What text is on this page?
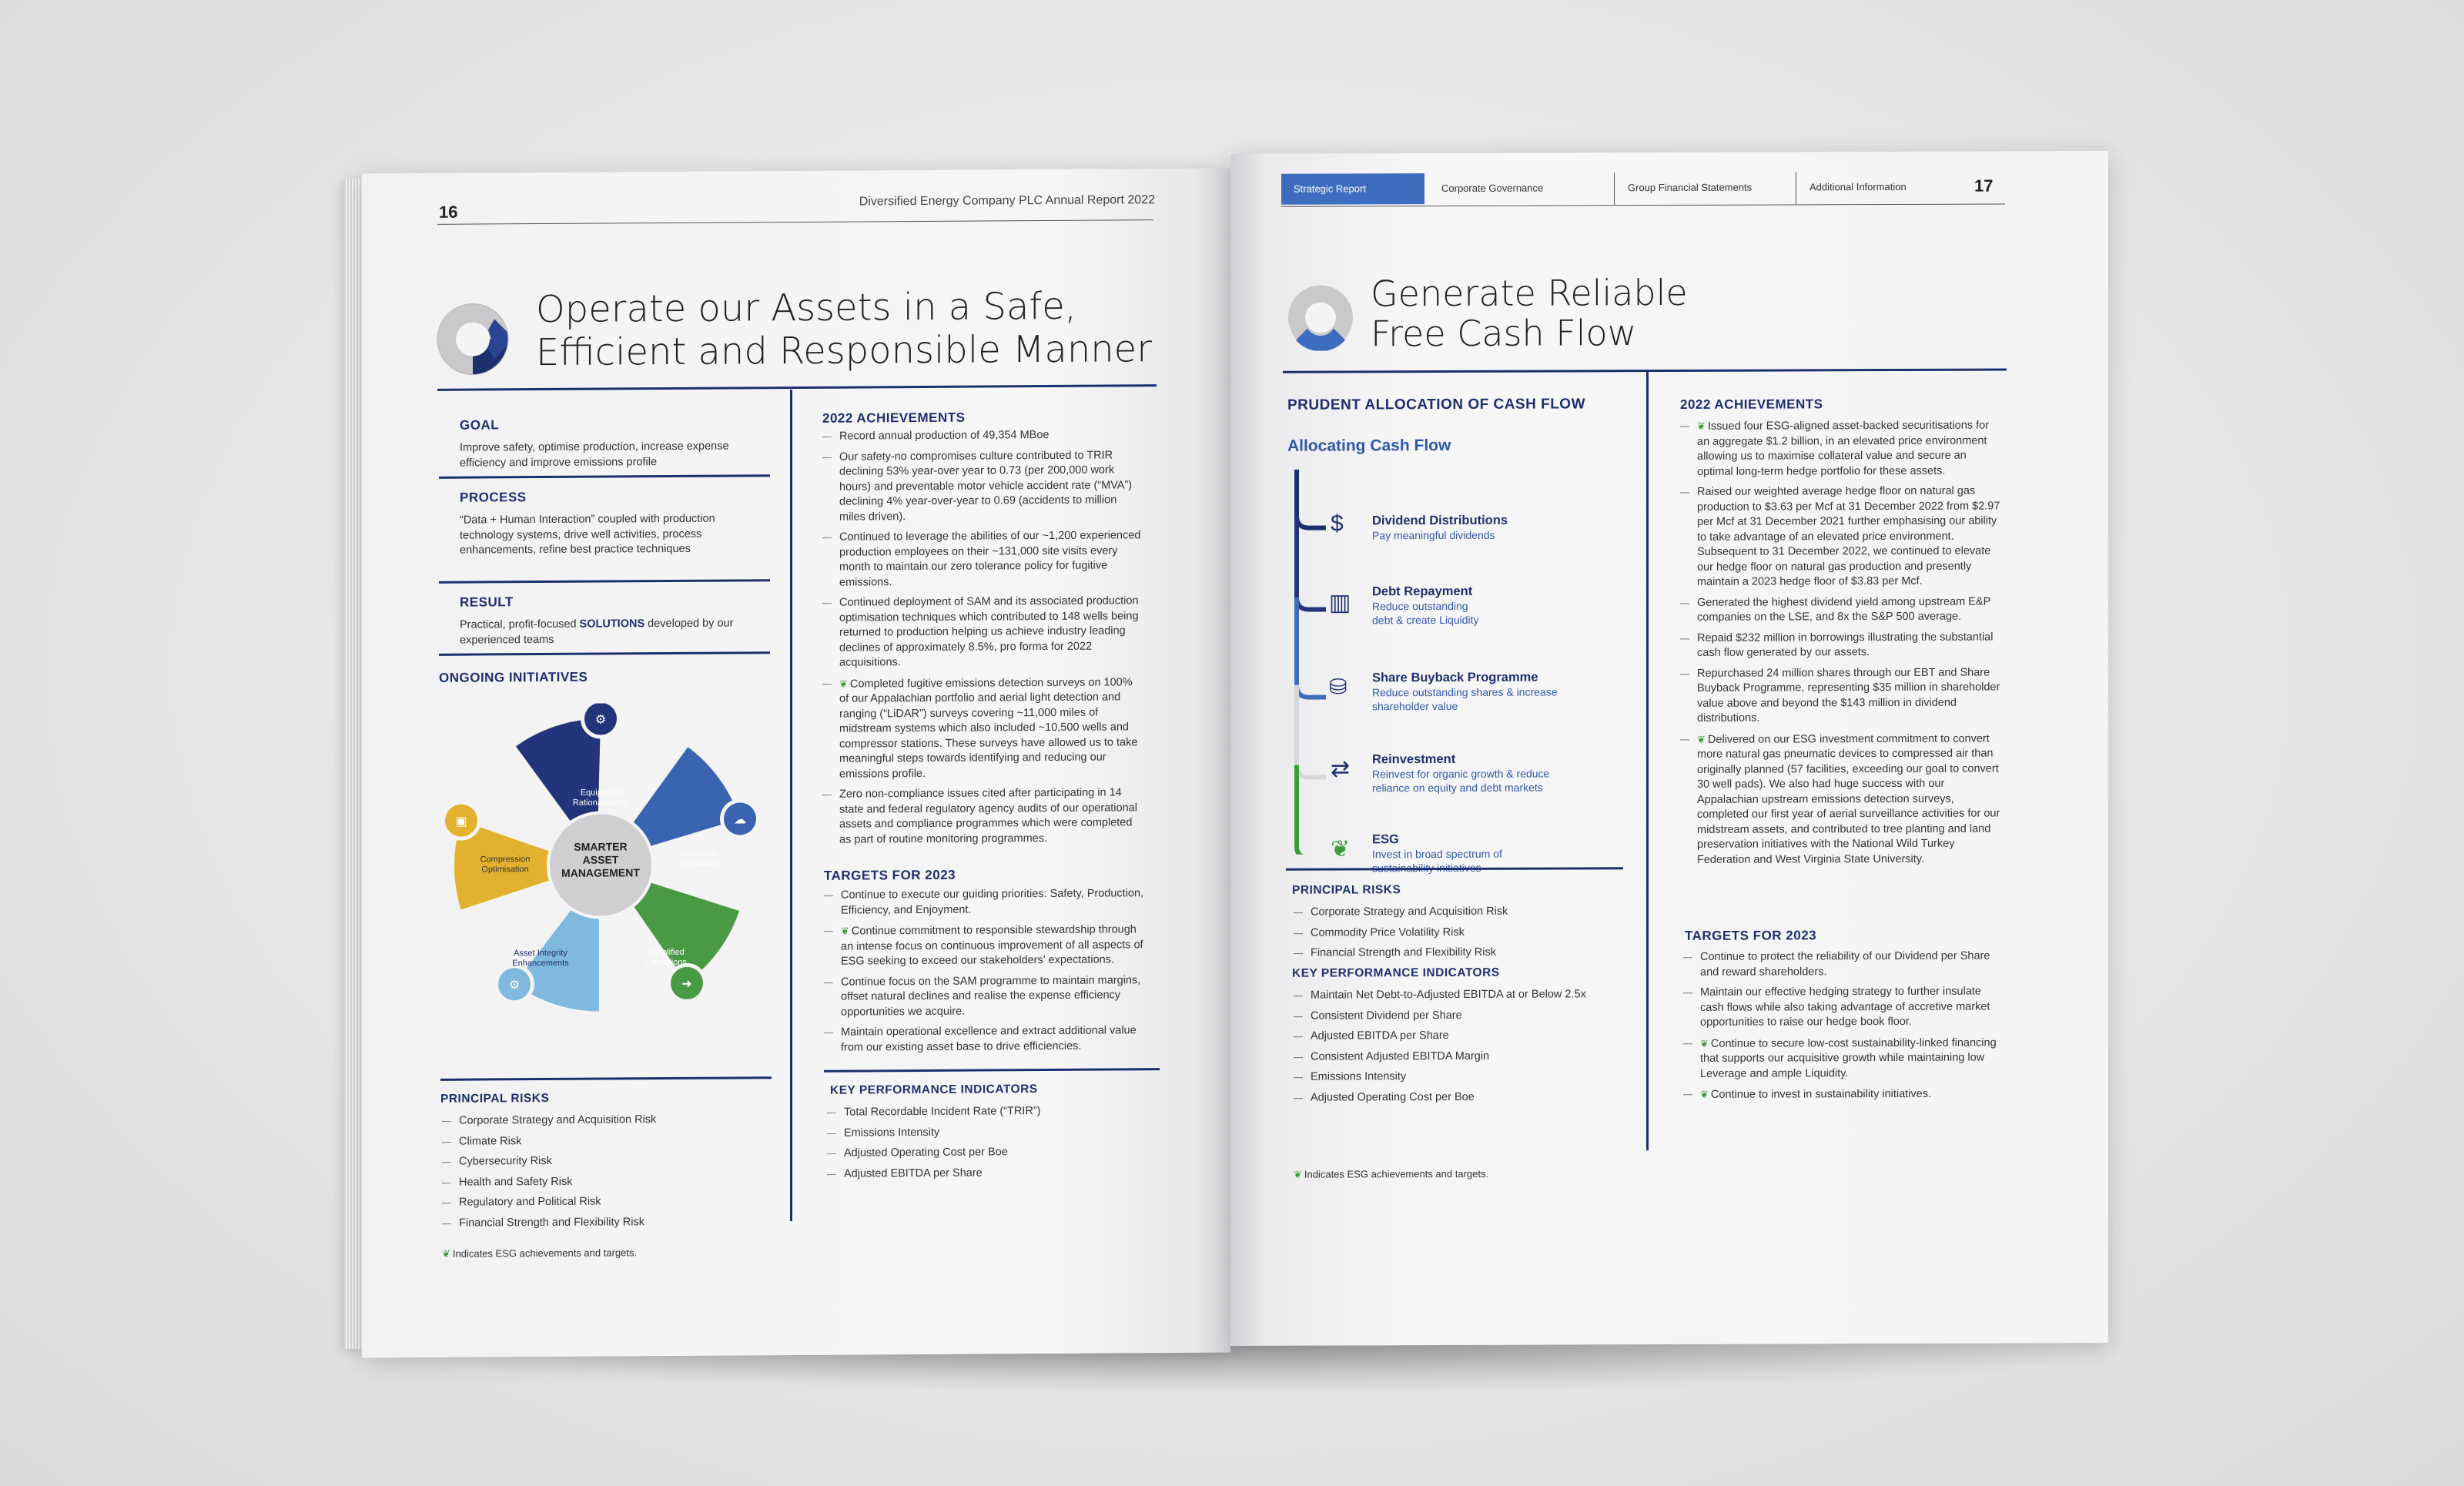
16
Diversified Energy Company PLC Annual Report 2022
Operate our Assets in a Safe,
Efficient and Responsible Manner
GOAL
Improve safety, optimise production, increase expense efficiency and improve emissions profile
PROCESS
“Data + Human Interaction” coupled with production technology systems, drive well activities, process enhancements, refine best practice techniques
RESULT
Practical, profit-focused SOLUTIONS developed by our experienced teams
ONGOING INITIATIVES
⚙
☁
➜
⚙
▣
Equipment Rationalisation
Emissions Reduction
Simplified Operations
Asset Integrity Enhancements
Compression Optimisation
SMARTER
ASSET
MANAGEMENT
PRINCIPAL RISKS
— Corporate Strategy and Acquisition Risk
— Climate Risk
— Cybersecurity Risk
— Health and Safety Risk
— Regulatory and Political Risk
— Financial Strength and Flexibility Risk
❦ Indicates ESG achievements and targets.
2022 ACHIEVEMENTS
— Record annual production of 49,354 MBoe
— Our safety-no compromises culture contributed to TRIR declining 53% year-over year to 0.73 (per 200,000 work hours) and preventable motor vehicle accident rate (“MVA”) declining 4% year-over-year to 0.69 (accidents to million miles driven).
— Continued to leverage the abilities of our ~1,200 experienced production employees on their ~131,000 site visits every month to maintain our zero tolerance policy for fugitive emissions.
— Continued deployment of SAM and its associated production optimisation techniques which contributed to 148 wells being returned to production helping us achieve industry leading declines of approximately 8.5%, pro forma for 2022 acquisitions.
— ❦ Completed fugitive emissions detection surveys on 100% of our Appalachian portfolio and aerial light detection and ranging (“LiDAR”) surveys covering ~11,000 miles of midstream systems which also included ~10,500 wells and compressor stations. These surveys have allowed us to take meaningful steps towards identifying and reducing our emissions profile.
— Zero non-compliance issues cited after participating in 14 state and federal regulatory agency audits of our operational assets and compliance programmes which were completed as part of routine monitoring programmes.
TARGETS FOR 2023
— Continue to execute our guiding priorities: Safety, Production, Efficiency, and Enjoyment.
— ❦ Continue commitment to responsible stewardship through an intense focus on continuous improvement of all aspects of ESG seeking to exceed our stakeholders' expectations.
— Continue focus on the SAM programme to maintain margins, offset natural declines and realise the expense efficiency opportunities we acquire.
— Maintain operational excellence and extract additional value from our existing asset base to drive efficiencies.
KEY PERFORMANCE INDICATORS
— Total Recordable Incident Rate (“TRIR”)
— Emissions Intensity
— Adjusted Operating Cost per Boe
— Adjusted EBITDA per Share
Strategic Report	Corporate Governance	Group Financial Statements	Additional Information	17
Generate Reliable
Free Cash Flow
PRUDENT ALLOCATION OF CASH FLOW
Allocating Cash Flow
$ Dividend Distributions
Pay meaningful dividends
▥ Debt Repayment
Reduce outstanding
debt & create Liquidity
⛁ Share Buyback Programme
Reduce outstanding shares & increase
shareholder value
⇄ Reinvestment
Reinvest for organic growth & reduce
reliance on equity and debt markets
❦ ESG
Invest in broad spectrum of
PRINCIPAL RISKS
— Corporate Strategy and Acquisition Risk
— Commodity Price Volatility Risk
— Financial Strength and Flexibility Risk
KEY PERFORMANCE INDICATORS
— Maintain Net Debt-to-Adjusted EBITDA at or Below 2.5x
— Consistent Dividend per Share
— Adjusted EBITDA per Share
— Consistent Adjusted EBITDA Margin
— Emissions Intensity
— Adjusted Operating Cost per Boe
❦ Indicates ESG achievements and targets.
2022 ACHIEVEMENTS
— ❦ Issued four ESG-aligned asset-backed securitisations for an aggregate $1.2 billion, in an elevated price environment allowing us to maximise collateral value and secure an optimal long-term hedge portfolio for these assets.
— Raised our weighted average hedge floor on natural gas production to $3.63 per Mcf at 31 December 2022 from $2.97 per Mcf at 31 December 2021 further emphasising our ability to take advantage of an elevated price environment. Subsequent to 31 December 2022, we continued to elevate our hedge floor on natural gas production and presently maintain a 2023 hedge floor of $3.83 per Mcf.
— Generated the highest dividend yield among upstream E&P companies on the LSE, and 8x the S&P 500 average.
— Repaid $232 million in borrowings illustrating the substantial cash flow generated by our assets.
— Repurchased 24 million shares through our EBT and Share Buyback Programme, representing $35 million in shareholder value above and beyond the $143 million in dividend distributions.
— ❦ Delivered on our ESG investment commitment to convert more natural gas pneumatic devices to compressed air than originally planned (57 facilities, exceeding our goal to convert 30 well pads). We also had huge success with our Appalachian upstream emissions detection surveys, completed our first year of aerial surveillance activities for our midstream assets, and contributed to tree planting and land preservation initiatives with the National Wild Turkey Federation and West Virginia State University.
TARGETS FOR 2023
— Continue to protect the reliability of our Dividend per Share and reward shareholders.
— Maintain our effective hedging strategy to further insulate cash flows while also taking advantage of accretive market opportunities to raise our hedge book floor.
— ❦ Continue to secure low-cost sustainability-linked financing that supports our acquisitive growth while maintaining low Leverage and ample Liquidity.
— ❦ Continue to invest in sustainability initiatives.
